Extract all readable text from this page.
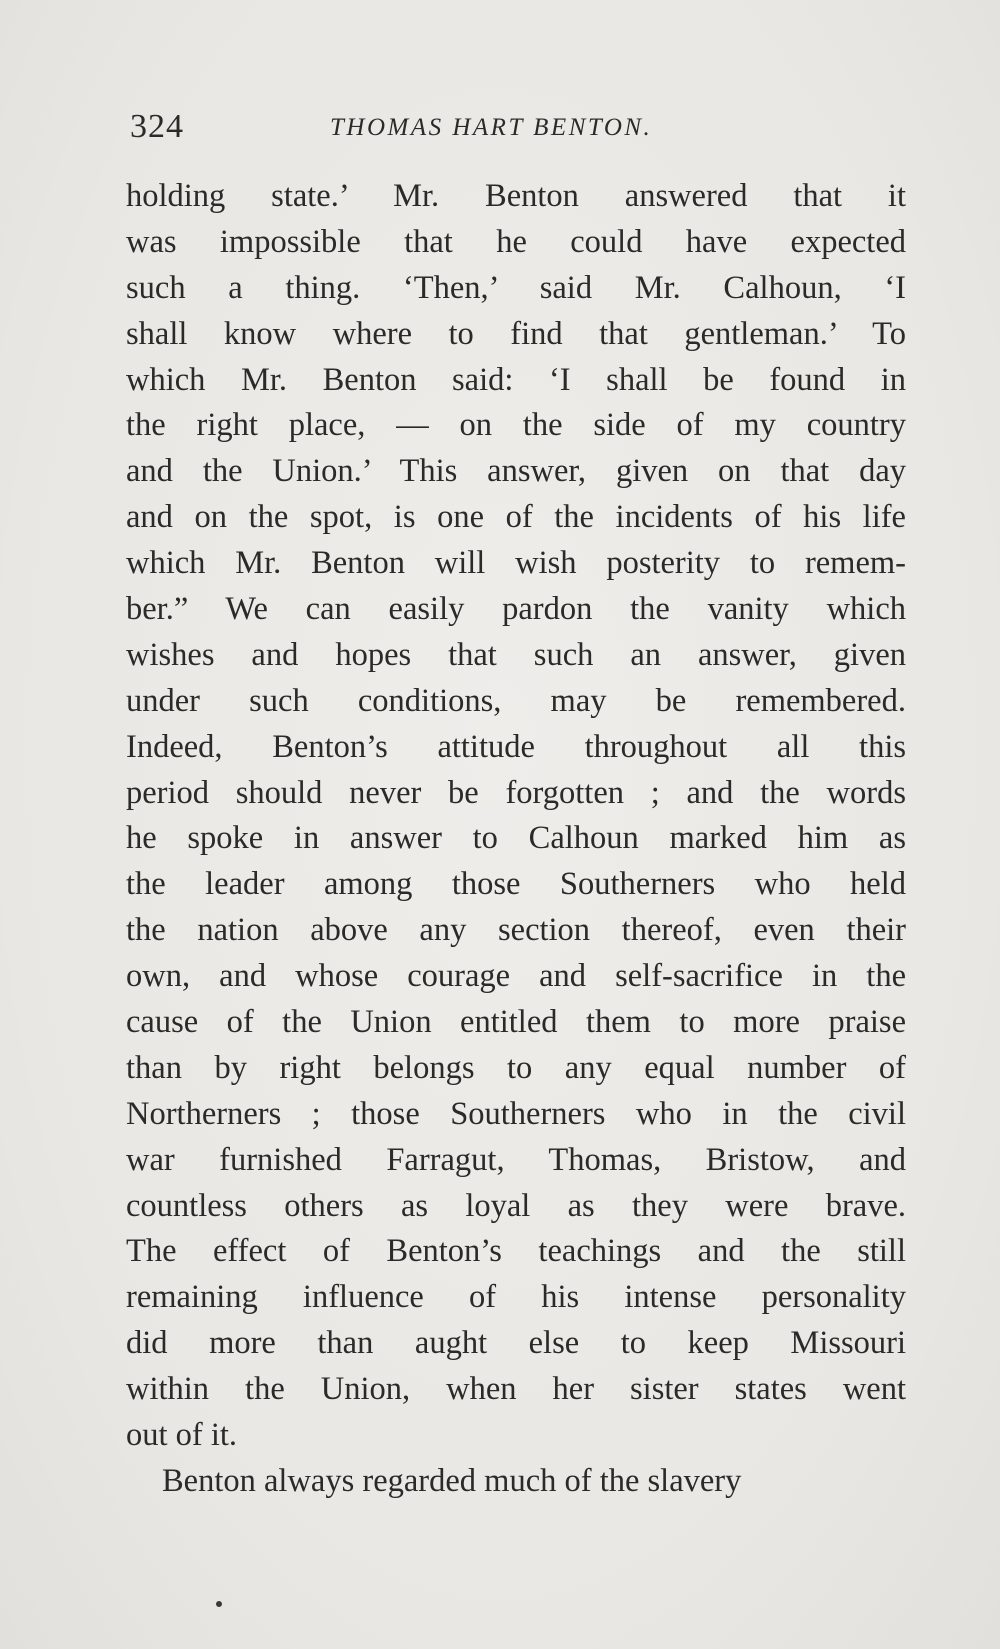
324	THOMAS HART BENTON.
holding state.’ Mr. Benton answered that it
was impossible that he could have expected
such a thing. ‘Then,’ said Mr. Calhoun, ‘I
shall know where to find that gentleman.’ To
which Mr. Benton said: ‘I shall be found in
the right place, — on the side of my country
and the Union.’ This answer, given on that day
and on the spot, is one of the incidents of his life
which Mr. Benton will wish posterity to remem-
ber.” We can easily pardon the vanity which
wishes and hopes that such an answer, given
under such conditions, may be remembered.
Indeed, Benton’s attitude throughout all this
period should never be forgotten ; and the words
he spoke in answer to Calhoun marked him as
the leader among those Southerners who held
the nation above any section thereof, even their
own, and whose courage and self-sacrifice in the
cause of the Union entitled them to more praise
than by right belongs to any equal number of
Northerners ; those Southerners who in the civil
war furnished Farragut, Thomas, Bristow, and
countless others as loyal as they were brave.
The effect of Benton’s teachings and the still
remaining influence of his intense personality
did more than aught else to keep Missouri
within the Union, when her sister states went
out of it.
Benton always regarded much of the slavery
